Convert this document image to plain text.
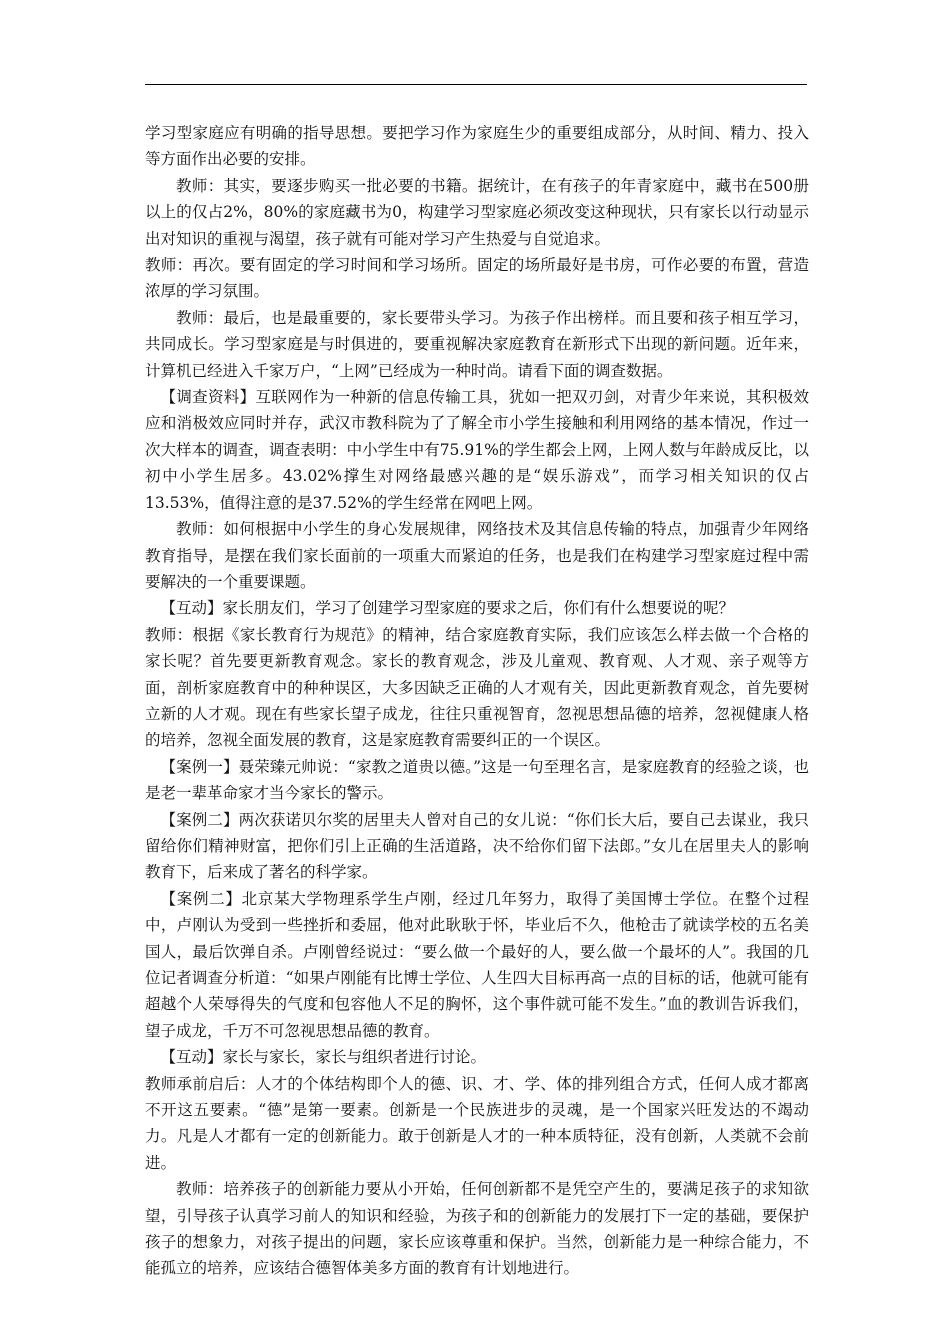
学习型家庭应有明确的指导思想。要把学习作为家庭生少的重要组成部分，从时间、精力、投入等方面作出必要的安排。

教师：其实，要逐步购买一批必要的书籍。据统计，在有孩子的年青家庭中，藏书在500册以上的仅占2%，80%的家庭藏书为0，构建学习型家庭必须改变这种现状，只有家长以行动显示出对知识的重视与渴望，孩子就有可能对学习产生热爱与自觉追求。

教师：再次。要有固定的学习时间和学习场所。固定的场所最好是书房，可作必要的布置，营造浓厚的学习氛围。

教师：最后，也是最重要的，家长要带头学习。为孩子作出榜样。而且要和孩子相互学习，共同成长。学习型家庭是与时俱进的，要重视解决家庭教育在新形式下出现的新问题。近年来，计算机已经进入千家万户，“上网”已经成为一种时尚。请看下面的调查数据。

【调查资料】互联网作为一种新的信息传输工具，犹如一把双刃剑，对青少年来说，其积极效应和消极效应同时并存，武汉市教科院为了了解全市小学生接触和利用网络的基本情况，作过一次大样本的调查，调查表明：中小学生中有75.91%的学生都会上网，上网人数与年龄成反比，以初中小学生居多。43.02%撑生对网络最感兴趣的是“娱乐游戏”，而学习相关知识的仅占13.53%，值得注意的是37.52%的学生经常在网吧上网。

教师：如何根据中小学生的身心发展规律，网络技术及其信息传输的特点，加强青少年网络教育指导，是摆在我们家长面前的一项重大而紧迫的任务，也是我们在构建学习型家庭过程中需要解决的一个重要课题。

【互动】家长朋友们，学习了创建学习型家庭的要求之后，你们有什么想要说的呢？

教师：根据《家长教育行为规范》的精神，结合家庭教育实际，我们应该怎么样去做一个合格的家长呢？首先要更新教育观念。家长的教育观念，涉及儿童观、教育观、人才观、亲子观等方面，剖析家庭教育中的种种误区，大多因缺乏正确的人才观有关，因此更新教育观念，首先要树立新的人才观。现在有些家长望子成龙，往往只重视智育，忽视思想品德的培养，忽视健康人格的培养，忽视全面发展的教育，这是家庭教育需要纠正的一个误区。

【案例一】聂荣臻元帅说：“家教之道贵以德。”这是一句至理名言，是家庭教育的经验之谈，也是老一辈革命家才当今家长的警示。

【案例二】两次获诺贝尔奖的居里夫人曾对自己的女儿说：“你们长大后，要自己去谋业，我只留给你们精神财富，把你们引上正确的生活道路，决不给你们留下法郎。”女儿在居里夫人的影响教育下，后来成了著名的科学家。

【案例二】北京某大学物理系学生卢刚，经过几年努力，取得了美国博士学位。在整个过程中，卢刚认为受到一些挫折和委屈，他对此耿耿于怀，毕业后不久，他枪击了就读学校的五名美国人，最后饮弹自杀。卢刚曾经说过：“要么做一个最好的人，要么做一个最坏的人”。我国的几位记者调查分析道：“如果卢刚能有比博士学位、人生四大目标再高一点的目标的话，他就可能有超越个人荣辱得失的气度和包容他人不足的胸怀，这个事件就可能不发生。”血的教训告诉我们，望子成龙，千万不可忽视思想品德的教育。

【互动】家长与家长，家长与组织者进行讨论。

教师承前启后：人才的个体结构即个人的德、识、才、学、体的排列组合方式，任何人成才都离不开这五要素。“德”是第一要素。创新是一个民族进步的灵魂，是一个国家兴旺发达的不竭动力。凡是人才都有一定的创新能力。敢于创新是人才的一种本质特征，没有创新，人类就不会前进。

教师：培养孩子的创新能力要从小开始，任何创新都不是凭空产生的，要满足孩子的求知欲望，引导孩子认真学习前人的知识和经验，为孩子和的创新能力的发展打下一定的基础，要保护孩子的想象力，对孩子提出的问题，家长应该尊重和保护。当然，创新能力是一种综合能力，不能孤立的培养，应该结合德智体美多方面的教育有计划地进行。
